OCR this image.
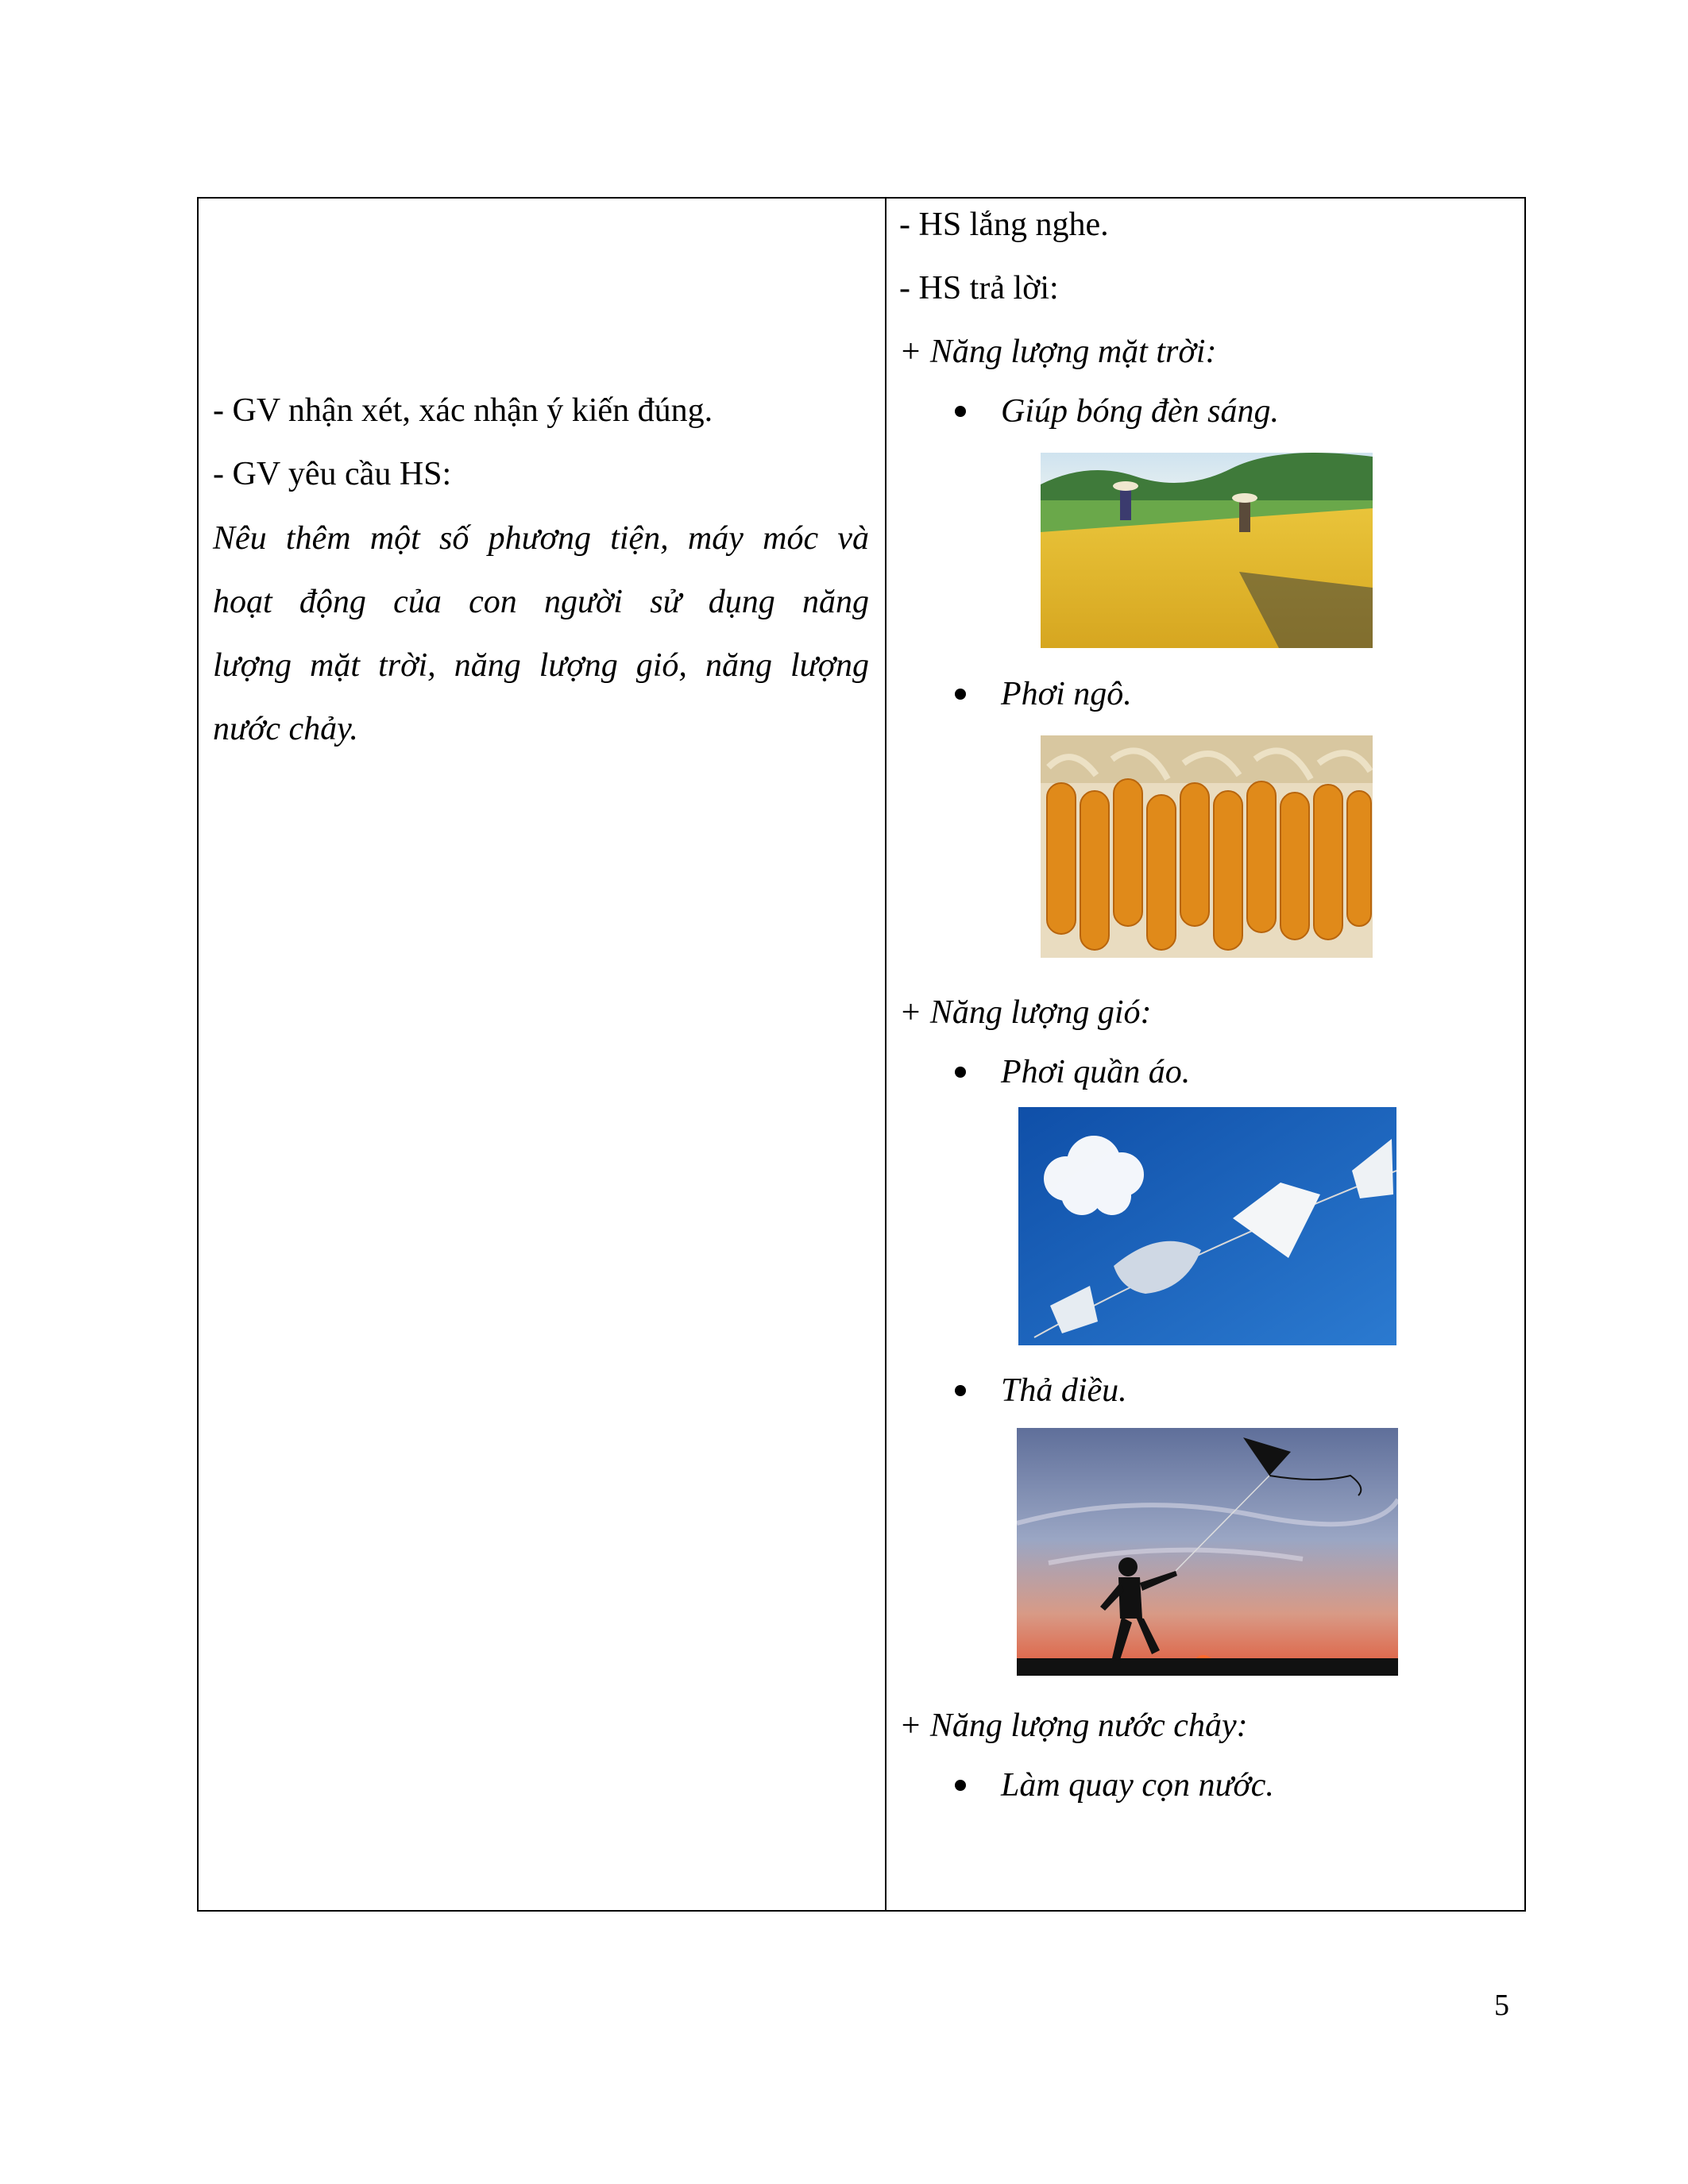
- GV nhận xét, xác nhận ý kiến đúng.
- GV yêu cầu HS:
Nêu thêm một số phương tiện, máy móc và
hoạt động của con người sử dụng năng
lượng mặt trời, năng lượng gió, năng lượng
nước chảy.
- HS lắng nghe.
- HS trả lời:
+ Năng lượng mặt trời:
Giúp bóng đèn sáng.
Phơi ngô.
+ Năng lượng gió:
Phơi quần áo.
Thả diều.
+ Năng lượng nước chảy:
Làm quay cọn nước.
5
